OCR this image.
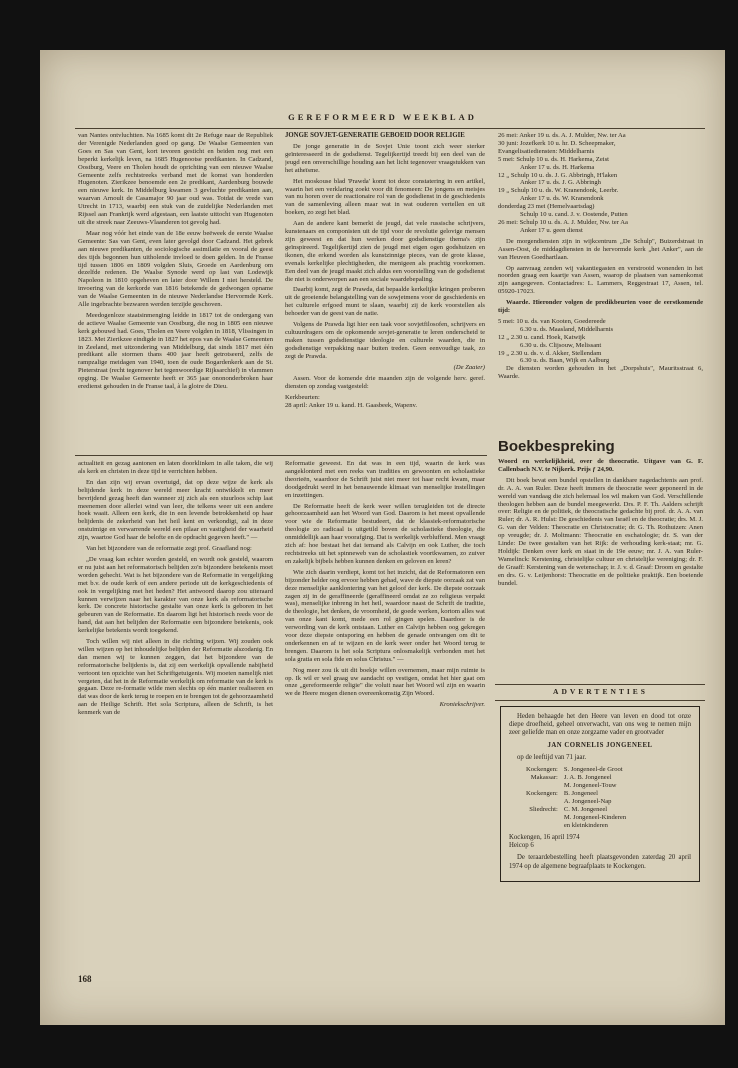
GEREFORMEERD WEEKBLAD

van Nantes ontvluchtten. Na 1685 komt dit 2e Refuge naar de Republiek der Verenigde Nederlanden goed op gang. De Waalse Gemeenten van Goes en Sas van Gent, kort tevoren gesticht en beiden nog met een beperkt kerkelijk leven, na 1685 Hugenootse predikanten. In Cadzand, Oostburg, Veere en Tholen houdt de oprichting van een nieuwe Waalse Gemeente zelfs rechtstreeks verband met de komst van honderden Hugenoten. Zierikzee benoemde een 2e predikant, Aardenburg bouwde een nieuwe kerk. In Middelburg kwamen 3 gevluchte predikanten aan, waarvan Arnoult de Casamajor 90 jaar oud was. Totdat de vrede van Utrecht in 1713, waarbij een stuk van de zuidelijke Nederlanden met Rijssel aan Frankrijk werd afgestaan, een laatste uittocht van Hugenoten uit die streek naar Zeeuws-Vlaanderen tot gevolg had.

Maar nog vóór het einde van de 18e eeuw beëweek de eerste Waalse Gemeente: Sas van Gent, even later gevolgd door Cadzand. Het gebrek aan nieuwe predikanten, de sociologische assimilatie en vooral de geest des tijds begonnen hun uitholende invloed te doen gelden. In de Franse tijd tussen 1806 en 1809 volgden Sluis, Groede en Aardenburg om dezelfde redenen. De Waalse Synode werd op last van Lodewijk Napoleon in 1810 opgeheven en later door Willem I niet hersteld. De invoering van de kerkorde van 1816 betekende de gedwongen opname van de Waalse Gemeenten in de nieuwe Nederlandse Hervormde Kerk. Alle ingebrachte bezwaren werden terzijde geschoven.

Meedogenloze staatsinmenging leidde in 1817 tot de ondergang van de actieve Waalse Gemeente van Oostburg, die nog in 1805 een nieuwe kerk gebouwd had. Goes, Tholen en Veere volgden in 1818, Vlissingen in 1823. Met Zierikzee eindigde in 1827 het epos van de Waalse Gemeenten in Zeeland, met uitzondering van Middelburg, dat sinds 1817 met één predikant alle stormen thans 400 jaar heeft getrotseerd, zelfs de rampzalige meidagen van 1940, toen de oude Bogardenkerk aan de St. Pieterstraat (recht tegenover het tegenwoordige Rijksarchief) in vlammen opging. De Waalse Gemeente heeft er 365 jaar onononderbroken haar eredienst gehouden in de Franse taal, à la gloire de Dieu.

JONGE SOVJET-GENERATIE GEBOEID DOOR RELIGIE

De jonge generatie in de Sovjet Unie toont zich weer sterker geïnteresseerd in de godsdienst. Tegelijkertijd treedt bij een deel van de jeugd een onverschillige houding aan het licht tegenover vraagstukken van het atheïsme.

Het moskouse blad 'Prawda' komt tot deze constatering in een artikel, waarin het een verklaring zoekt voor dit fenomeen: De jongens en meisjes van nu horen over de reactionaire rol van de godsdienst in de geschiedenis van de samenleving alleen maar wat in wat ouderen vertellen en uit boeken, zo zegt het blad.

Aan de andere kant bemerkt de jeugd, dat vele russische schrijvers, kunstenaars en componisten uit de tijd voor de revolutie gelovige mensen zijn geweest en dat hun werken door godsdienstige thema's zijn geïnspireerd. Tegelijkertijd zien de jeugd met eigen ogen godshuizen en ikonen, die erkend worden als kunstzinnige pieces, van de grote klasse, evenals kerkelijke plechtigheden, die menigeen als prachtig voorkomen. Een deel van de jeugd maakt zich aldus een voorstelling van de godsdienst die niet is onderworpen aan een sociale waardebepaling.

Daarbij komt, zegt de Prawda, dat bepaalde kerkelijke kringen proberen uit de groeiende belangstelling van de sowjetmens voor de geschiedenis en het culturele erfgoed munt te slaan, waarbij zij de kerk voorstellen als behoeder van de geest van de natie.

Volgens de Prawda ligt hier een taak voor sovjetfilosofen, schrijvers en cultuurdragers om de opkomende sovjet-generatie te leren onderscheid te maken tussen godsdienstige ideologie en culturele waarden, die in godsdienstige verpakking naar buiten treden. Geen eenvoudige taak, zo zegt de Prawda.

(De Zaaier)

Assen. Voor de komende drie maanden zijn de volgende herv. geref. diensten op zondag vastgesteld:

Kerkbeurten:
28 april: Anker 19 u. kand. H. Gaasbeek, Wapenv.

actualiteit en gezag aantonen en laten doorklinken in alle taken, die wij als kerk en christen in deze tijd te verrichten hebben.

En dan zijn wij ervan overtuigd, dat op deze wijze de kerk als belijdende kerk in deze wereld meer kracht ontwikkelt en meer bevrijdend gezag heeft dan wanneer zij zich als een stuurloos schip laat meenemen door allerlei wind van leer, die telkens weer uit een andere hoek waait. Alleen een kerk, die in een levende betrokkenheid op haar belijdenis de zekerheid van het heil kent en verkondigt, zal in deze onstuimige en verwarrende wereld een pilaar en vastigheid der waarheid zijn, waartoe God haar de belofte en de opdracht gegeven heeft." —

Van het bijzondere van de reformatie zegt prof. Graafland nog:

„De vraag kan echter worden gesteld, en wordt ook gesteld, waarom er nu juist aan het reformatorisch belijden zo'n bijzondere betekenis moet worden gehecht. Wat is het bijzondere van de Reformatie in vergelijking met b.v. de oude kerk of een andere periode uit de kerkgeschiedenis of ook in vergelijking met het heden? Het antwoord daarop zou uiteraard kunnen verwijzen naar het karakter van onze kerk als reformatorische kerk. De concrete historische gestalte van onze kerk is geboren in het gebeuren van de Reformatie. En daarom ligt het historisch reeds voor de hand, dat aan het belijden der Reformatie een bijzondere betekenis, ook kerkelijke betekenis wordt toegekend.

Toch willen wij niet alleen in die richting wijzen. Wij zouden ook willen wijzen op het inhoudelijke belijden der Reformatie alszodanig. En dan menen wij te kunnen zeggen, dat het bijzondere van de reformatorische belijdenis is, dat zij een werkelijk opvallende nabijheid vertoont ten opzichte van het Schriftgetuigenis. Wij moeten namelijk niet vergeten, dat het in de Reformatie werkelijk om reformatie van de kerk is gegaan. Deze re-formatie wilde men slechts op één manier realiseren en dat was door de kerk terug te roepen en te brengen tot de gehoorzaamheid aan de Heilige Schrift. Het sola Scriptura, alleen de Schrift, is het kenmerk van de

Reformatie geweest. En dat was in een tijd, waarin de kerk was aangeklonterd met een reeks van tradities en gewoonten en scholastieke theorieën, waardoor de Schrift juist niet meer tot haar recht kwam, maar doodgedrukt werd in het benauwende klimaat van menselijke instellingen en inzettingen.

De Reformatie heeft de kerk weer willen terugleiden tot de directe gehoorzaamheid aan het Woord van God. Daarom is het meest opvallende voor wie de Reformatie bestudeert, dat de klassiek-reformatorische theologie zo radicaal is uitgetild boven de scholastieke theologie, die onmiddellijk aan haar voorafging. Dat is werkelijk verbluffend. Men vraagt zich af: hoe bestaat het dat iemand als Calvijn en ook Luther, die toch rechtstreeks uit het spinneweb van de scholastiek voortkwamen, zo zuiver en zakelijk bijbels hebben kunnen denken en geloven en leren?

Wie zich daarin verdiept, komt tot het inzicht, dat de Reformatoren een bijzonder helder oog ervoor hebben gehad, wave de diepste oorzaak zat van deze menselijke aanklontering van het geloof der kerk. De diepste oorzaak zagen zij in de geraffineerde (geraffineerd omdat ze zo religieus verpakt was), menselijke inbreng in het heil, waardoor naast de Schrift de traditie, de theologie, het denken, de vroomheid, de goede werken, kortom alles wat van onze kant komt, mede een rol gingen spelen. Daardoor is de verwording van de kerk ontstaan. Luther en Calvijn hebben oog gekregen voor deze diepste ontsporing en hebben de genade ontvangen om dit te onderkennen en af te wijzen en de kerk weer onder het Woord terug te brengen. Daarom is het sola Scriptura onlosmakelijk verbonden met het sola gratia en sola fide en solus Christus." —

Nog meer zou ik uit dit boekje willen overnemen, maar mijn ruimte is op. Ik wil er wel graag uw aandacht op vestigen, omdat het hier gaat om onze „gereformeerde religie" die voluit naar het Woord wil zijn en waarin we de Heere mogen dienen overeenkomstig Zijn Woord.

Kroniekschrijver.
26 mei: Anker 19 u. ds. A. J. Mulder, Nw. ter Aa
30 juni: Jozefkerk 10 u. hr. D. Scheepmaker,
Evangelisatiediensten: Middelharnis
5 mei: Schulp 10 u. ds. H. Harkema, Zeist
Anker 17 u. ds. H. Harkema
12 „ Schulp 10 u. ds. J. G. Abbringh, H'laken
Anker 17 u. ds. J. G. Abbringh
19 „ Schulp 10 u. ds. W. Kranendonk, Leerbr.
Anker 17 u. ds. W. Kranendonk
donderdag 23 mei (Hemelvaartsdag)
Schulp 10 u. cand. J. v. Oostende, Putten
26 mei: Schulp 10 u. ds. A. J. Mulder, Nw. ter Aa
Anker 17 u. geen dienst

De morgendiensten zijn in wijkcentrum „De Schulp", Buizerdstraat in Assen-Oost, de middagdiensten in de hervormde kerk „het Anker", aan de van Heuven Goedhartlaan.

Op aanvraag zenden wij vakantiegasten en verstrooid wonenden in het noorden graag een kaartje van Assen, waarop de plaatsen van samenkomst zijn aangegeven. Contactadres: L. Lammers, Reggestraat 17, Assen, tel. 05920-17023.

Waarde. Hieronder volgen de predikbeurten voor de eerstkomende tijd:

5 mei: 10 u. ds. van Kooten, Goedereede
6.30 u. ds. Maasland, Middelharnis
12 „ 2.30 u. cand. Hoek, Katwijk
6.30 u. ds. Clijsouw, Melissant
19 „ 2.30 u. ds. v. d. Akker, Stellendam
6.30 u. ds. Baan, Wijk en Aalburg

De diensten worden gehouden in het „Dorpshuis", Mauritsstraat 6, Waarde.

Boekbespreking

Woord en werkelijkheid, over de theocratie. Uitgave van G. F. Callenbach N.V. te Nijkerk. Prijs ƒ 24,90.

Dit boek bevat een bundel opstellen in dankbare nagedachtenis aan prof. dr. A. A. van Ruler. Deze heeft immers de theocratie weer geponeerd in de wereld van vandaag die zich helemaal los wil maken van God. Verschillende theologen hebben aan de bundel meegewerkt. Drs. P. F. Th. Aalders schrijft over: Religie en de politiek, de theocratische gedachte bij prof. dr. A. A. van Ruler; dr. A. R. Hulst: De geschiedenis van Israël en de theocratie; drs. M. J. G. van der Velden: Theocratie en Christocratie; dr. G. Th. Rothuizen: Anen op vreugde; dr. J. Moltmann: Theocratie en eschatologie; dr. S. van der Linde: De twee gestalten van het Rijk: de verhouding kerk-staat; mr. G. Holdijk: Denken over kerk en staat in de 19e eeuw; mr. J. A. van Ruler-Wamelinck: Kerstening, christelijke cultuur en christelijke vereniging; dr. F. de Graaff: Kerstening van de wetenschap; ir. J. v. d. Graaf: Droom en gestalte en drs. G. v. Leijenhorst: Theocratie en de politieke praktijk. Een boeiende bundel.

ADVERTENTIES

Heden behaagde het den Heere van leven en dood tot onze diepe droefheid, geheel onverwacht, van ons weg te nemen mijn zeer geliefde man en onze zorgzame vader en grootvader

JAN CORNELIS JONGENEEL

op de leeftijd van 71 jaar.

Kockengen:	S. Jongeneel-de Groot
Makassar:	J. A. B. Jongeneel
	M. Jongeneel-Touw
Kockengen:	B. Jongeneel
	A. Jongeneel-Nap
Sliedrecht:	C. M. Jongeneel
	M. Jongeneel-Kinderen
	en kleinkinderen
Kockengen, 16 april 1974
Heicop 6

De teraardebestelling heeft plaatsgevonden zaterdag 20 april 1974 op de algemene begraafplaats te Kockengen.

168
